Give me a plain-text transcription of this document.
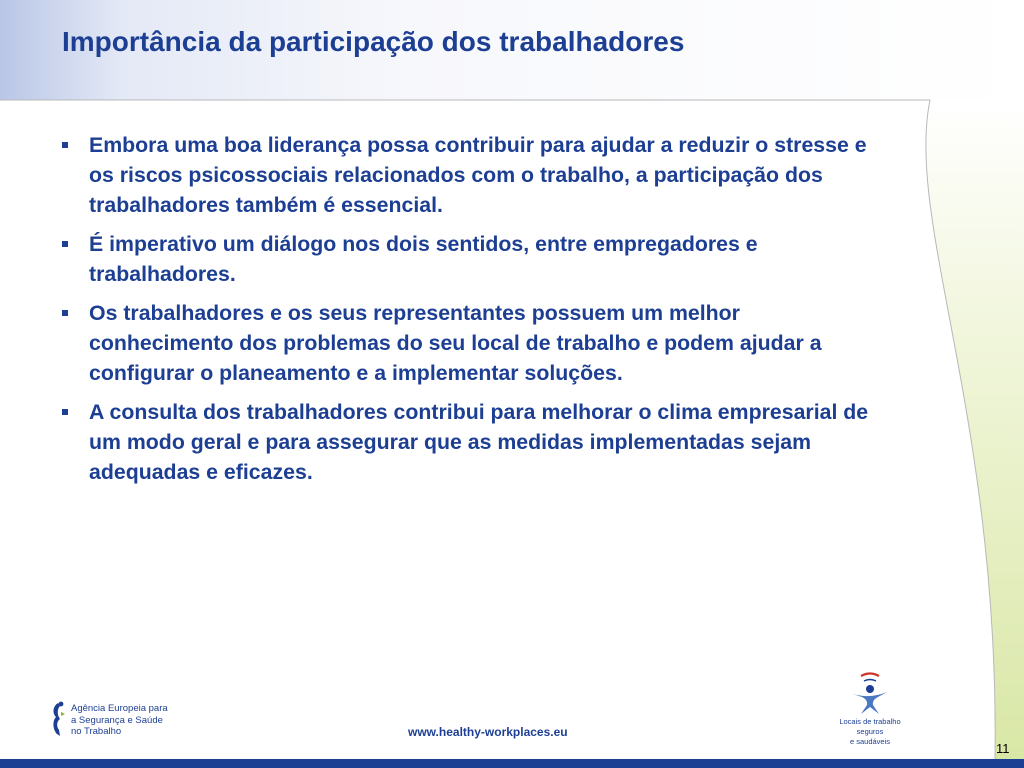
Importância da participação dos trabalhadores
Embora uma boa liderança possa contribuir para ajudar a reduzir o stresse e os riscos psicossociais relacionados com o trabalho, a participação dos trabalhadores também é essencial.
É imperativo um diálogo nos dois sentidos, entre empregadores e trabalhadores.
Os trabalhadores e os seus representantes possuem um melhor conhecimento dos problemas do seu local de trabalho e podem ajudar a configurar o planeamento e a implementar soluções.
A consulta dos trabalhadores contribui para melhorar o clima empresarial de um modo geral e para assegurar que as medidas implementadas sejam adequadas e eficazes.
Agência Europeia para
a Segurança e Saúde
no Trabalho	www.healthy-workplaces.eu
Locais de trabalho seguros
e saudáveis	11
